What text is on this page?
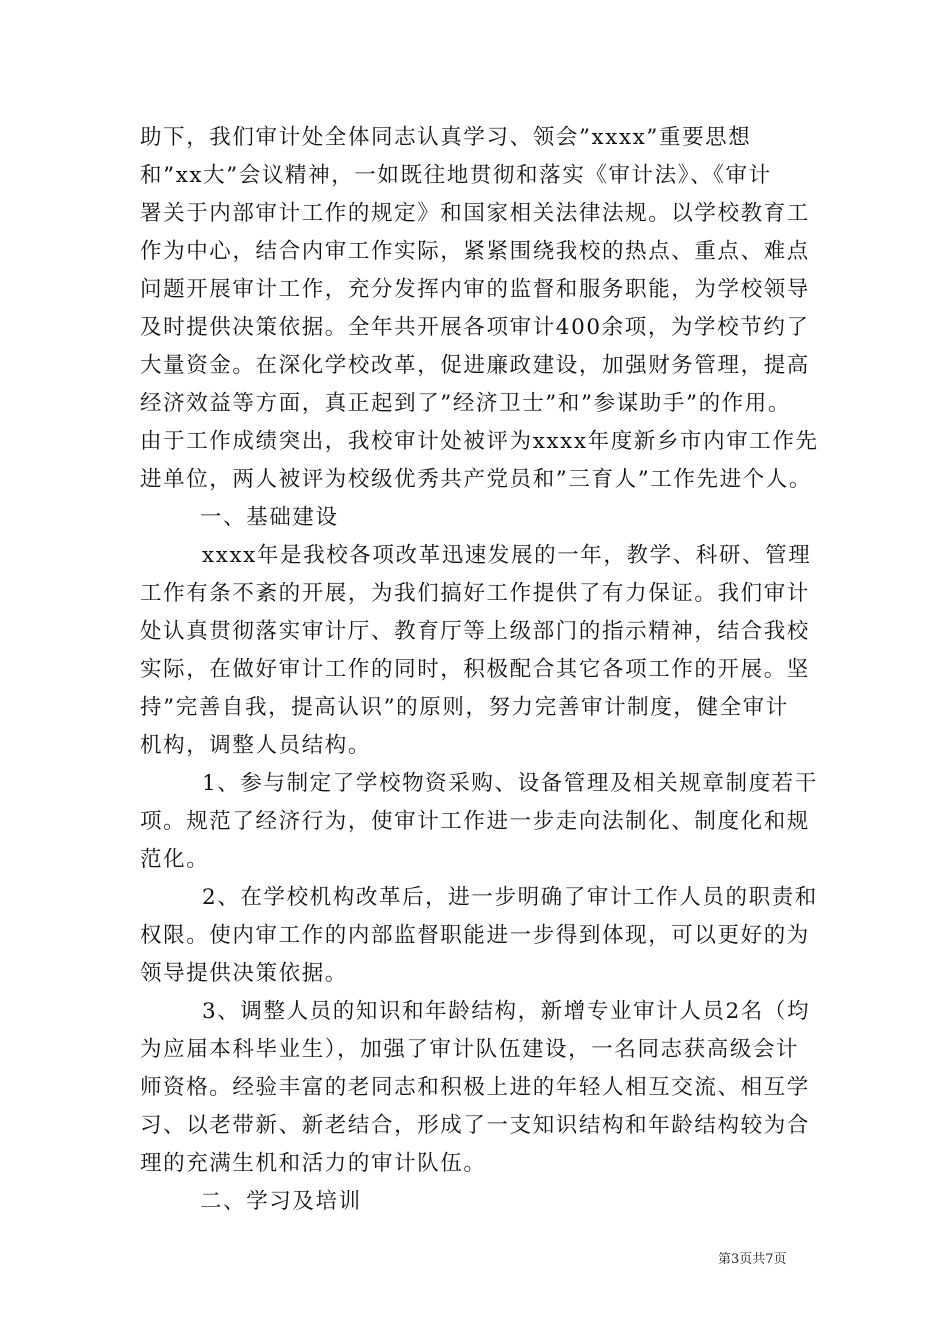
助下，我们审计处全体同志认真学习、领会”xxxx”重要思想
和”xx大”会议精神，一如既往地贯彻和落实《审计法》、《审计
署关于内部审计工作的规定》和国家相关法律法规。以学校教育工
作为中心，结合内审工作实际，紧紧围绕我校的热点、重点、难点
问题开展审计工作，充分发挥内审的监督和服务职能，为学校领导
及时提供决策依据。全年共开展各项审计400余项，为学校节约了
大量资金。在深化学校改革，促进廉政建设，加强财务管理，提高
经济效益等方面，真正起到了”经济卫士”和”参谋助手”的作用。
由于工作成绩突出，我校审计处被评为xxxx年度新乡市内审工作先
进单位，两人被评为校级优秀共产党员和”三育人”工作先进个人。
一、基础建设
xxxx年是我校各项改革迅速发展的一年，教学、科研、管理
工作有条不紊的开展，为我们搞好工作提供了有力保证。我们审计
处认真贯彻落实审计厅、教育厅等上级部门的指示精神，结合我校
实际，在做好审计工作的同时，积极配合其它各项工作的开展。坚
持”完善自我，提高认识”的原则，努力完善审计制度，健全审计
机构，调整人员结构。
1、参与制定了学校物资采购、设备管理及相关规章制度若干
项。规范了经济行为，使审计工作进一步走向法制化、制度化和规
范化。
2、在学校机构改革后，进一步明确了审计工作人员的职责和
权限。使内审工作的内部监督职能进一步得到体现，可以更好的为
领导提供决策依据。
3、调整人员的知识和年龄结构，新增专业审计人员2名（均
为应届本科毕业生），加强了审计队伍建设，一名同志获高级会计
师资格。经验丰富的老同志和积极上进的年轻人相互交流、相互学
习、以老带新、新老结合，形成了一支知识结构和年龄结构较为合
理的充满生机和活力的审计队伍。
二、学习及培训
第3页共7页
